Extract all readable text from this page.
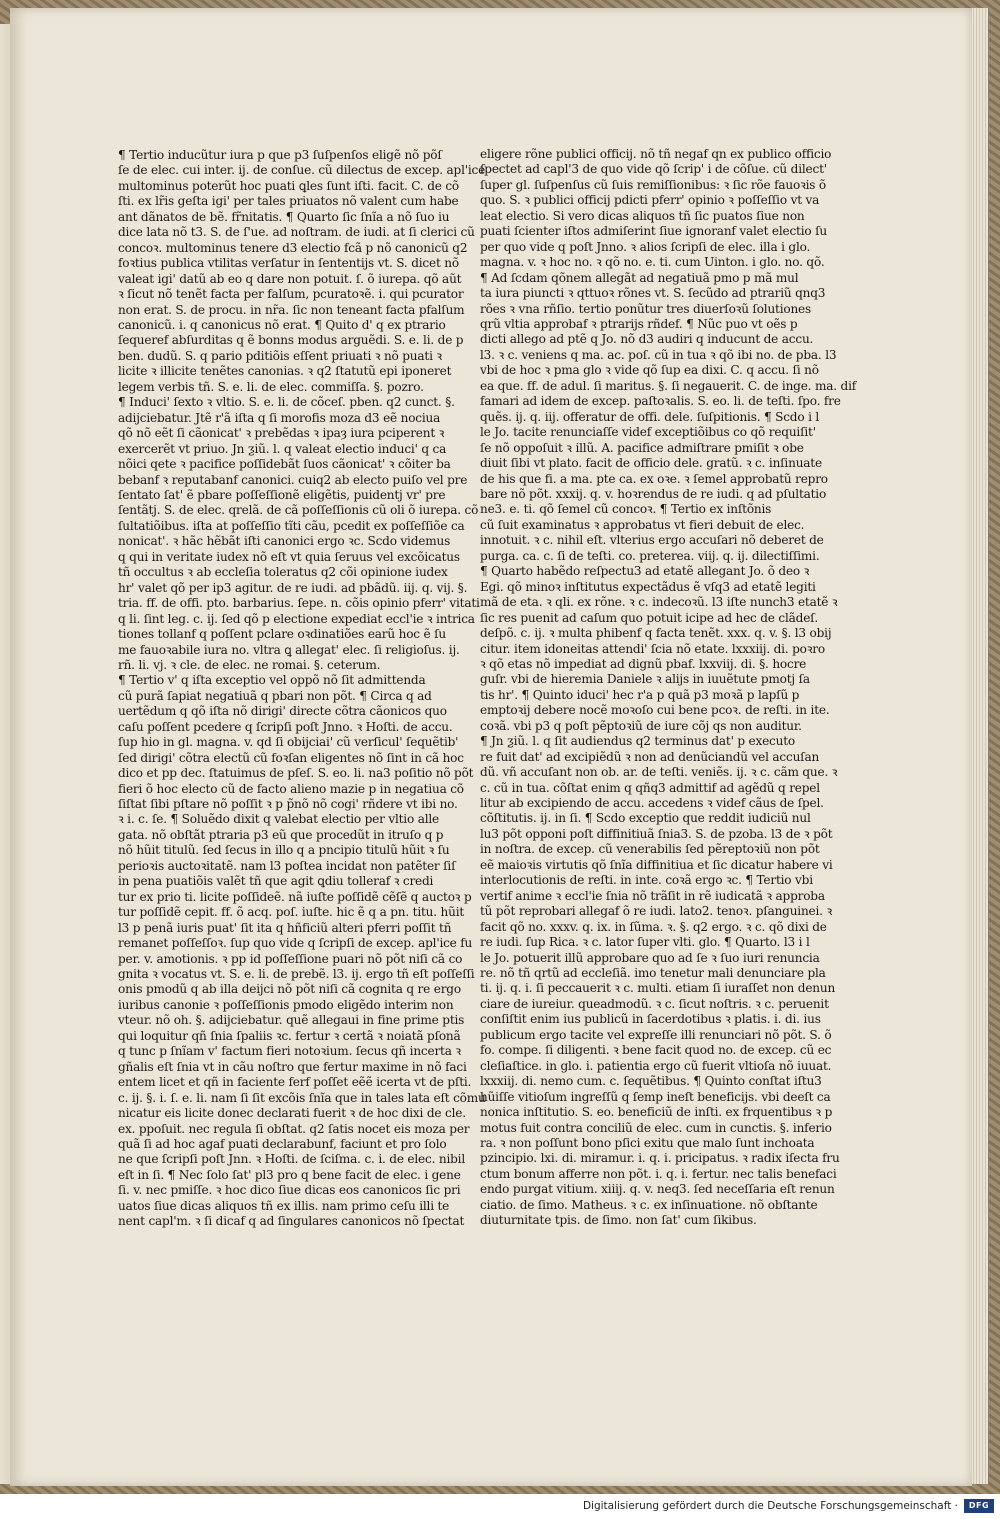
¶ Tertio inducũtur iura p que p3 ſuſpenſos eligẽ nõ põſ
ſe de elec. cui inter. ij. de conſue. cũ dilectus de excep. apl'ice
multominus poterũt hoc puati ꝗles ſunt iſti. facit. C. de cõ
ſti. ex lr̃is geſta igi' per tales priuatos nõ valent cum habe
ant dãnatos de bẽ. fr̃nitatis. ¶ Quarto ſic ſnĩa a nõ ſuo iu
dice lata nõ t3. S. de ſ'ue. ad noſtram. de iudi. at ſi clerici cũ
concoꝛ. multominus tenere d3 electio fcã p nõ canonicũ q2
foꝛtius publica vtilitas verſatur in ſententijs vt. S. dicet nõ
valeat igi' datũ ab eo q dare non potuit. ſ. õ iurepa. qõ aũt
ꝛ ſicut nõ tenẽt facta per falſum, pcuratoꝛẽ. i. qui pcurator
non erat. S. de procu. in nr̃a. ſic non teneant facta pfalſum
canonicũ. i. q canonicus nõ erat. ¶ Quito d' q ex ptrario
ſequeref abſurditas q ẽ bonns modus arguẽdi. S. e. li. de p
ben. dudũ. S. q pario pditiõis eſſent priuati ꝛ nõ puati ꝛ
licite ꝛ illicite tenẽtes canonias. ꝛ q2 ſtatutũ epi iponeret
legem verbis tñ. S. e. li. de elec. commiſſa. §. pozro.
¶ Induci' ſexto ꝛ vltio. S. e. li. de cõceſ. pben. q2 cunct. §.
adijciebatur. Jtẽ r'ã iſta q ſi morofis moza d3 eẽ nociua
qõ nõ eẽt ſi cãonicat' ꝛ prebẽdas ꝛ ipaȝ iura pciperent ꝛ
exercerẽt vt priuo. Jn ƺiũ. l. q valeat electio induci' q ca
nõici qete ꝛ pacifice poſſidebãt ſuos cãonicat' ꝛ cõiter ba
bebanf ꝛ reputabanf canonici. cuiq2 ab electo puiſo vel pre
ſentato ſat' ẽ pbare poſſeſſionẽ eligẽtis, puidentj vr' pre
ſentãtj. S. de elec. qrelã. de cã poſſeſſionis cũ oli õ iurepa. cõ
ſultatiõibus. iſta at poſſeſſio tĩti cãu, pcedit ex poſſeſſiõe ca
nonicat'. ꝛ hãc hẽbãt iſti canonici ergo ꝛc. Scdo videmus
q qui in veritate iudex nõ eſt vt quia ſeruus vel excõicatus
tñ occultus ꝛ ab eccleſia toleratus q2 cõi opinione iudex
hr' valet qõ per ip3 agitur. de re iudi. ad pbãdũ. iij. q. vij. §.
tria. ff. de offi. pto. barbarius. ſepe. n. cõis opinio pferr' vitati
q li. ſint leg. c. ij. ſed qõ p electione expediat eccl'ie ꝛ intrica
tiones tollanf q poſſent pclare oꝛdinatiões earũ hoc ẽ ſu
me fauoꝛabile iura no. vltra ꝗ allegat' elec. ſi religioſus. ij.
rñ. li. vj. ꝛ cle. de elec. ne romai. §. ceterum.
¶ Tertio v' q iſta exceptio vel oppõ nõ ſit admittenda
cũ purã ſapiat negatiuã q pbari non põt. ¶ Circa q ad
uertẽdum q qõ iſta nõ dirigi' directe cõtra cãonicos quo
caſu poſſent pcedere q ſcripſi poſt Jnno. ꝛ Hoſti. de accu.
ſup hio in gl. magna. v. qd ſi obijciai' cũ verſicul' ſequẽtib'
ſed dirigi' cõtra electũ cũ foꝛſan eligentes nõ ſint in cã hoc
dico et pp dec. ſtatuimus de pſeſ. S. eo. li. na3 poſitio nõ põt
fieri õ hoc electo cũ de facto alieno mazie p in negatiua cõ
ſiſtat ſibi pſtare nõ poſſit ꝛ p p̃nõ nõ cogi' rñdere vt ibi no.
ꝛ i. c. ſe. ¶ Soluẽdo dixit q valebat electio per vltio alle
gata. nõ obſtãt ptraria p3 eũ que procedũt in itruſo q p
nõ hũit titulũ. ſed ſecus in illo q a pncipio titulũ hũit ꝛ ſu
perioꝛis auctoꝛitatẽ. nam l3 poſtea incidat non patẽter ſiſ
in pena puatiõis valẽt tñ que agit ꝗdiu tolleraf ꝛ credi
tur ex prio ti. licite poſſideẽ. nã iuſte poſſidẽ cẽſẽ q auctoꝛ p
tur poſſidẽ cepit. ff. õ acq. poſ. iuſte. hic ẽ q a pn. titu. hũit
l3 p penã iuris puat' ſit ita q hñficiũ alteri pferri poſſit tñ
remanet poſſeſſoꝛ. ſup quo vide q ſcripſi de excep. apl'ice fu
per. v. amotionis. ꝛ pp id poſſeſſione puari nõ põt niſi cã co
gnita ꝛ vocatus vt. S. e. li. de prebẽ. l3. ij. ergo tñ eſt poſſeſſi
onis pmodũ q ab illa deijci nõ põt niſi cã cognita q re ergo
iuribus canonie ꝛ poſſeſſionis pmodo eligẽdo interim non
vteur. nõ oh. §. adijciebatur. quẽ allegaui in fine prime ptis
qui loquitur qñ ſnia ſpaliis ꝛc. fertur ꝛ certã ꝛ noiatã pſonã
q tunc p ſnĩam v' factum fieri notoꝛium. ſecus qñ incerta ꝛ
gñalis eſt ſnia vt in cãu noſtro que fertur maxime in nõ faci
entem licet et qñ in faciente ferf poſſet eẽẽ icerta vt de pſti.
c. ij. §. i. ſ. e. li. nam ſi ſit excõis ſnĩa que in tales lata eſt cõmu
nicatur eis licite donec declarati fuerit ꝛ de hoc dixi de cle.
ex. ppoſuit. nec regula ſi obſtat. q2 ſatis nocet eis moza per
quã ſi ad hoc agaf puati declarabunf, faciunt et pro ſolo
ne que ſcripſi poſt Jnn. ꝛ Hoſti. de ſciſma. c. i. de elec. nibil
eſt in ſi. ¶ Nec ſolo ſat' pl3 pro q bene facit de elec. i gene
ſi. v. nec pmiſſe. ꝛ hoc dico ſiue dicas eos canonicos ſic pri
uatos ſiue dicas aliquos tñ ex illis. nam primo ceſu illi te
nent capl'm. ꝛ ſi dicaf q ad ſingulares canonicos nõ ſpectat
eligere rõne publici officij. nõ tñ negaf qn ex publico officio
ſpectet ad capl'3 de quo vide qõ ſcrip' i de cõſue. cũ dilect'
ſuper gl. ſuſpenſus cũ ſuis remiſſionibus: ꝛ ſic rõe fauoꝛis õ
quo. S. ꝛ publici officij pdicti pferr' opinio ꝛ poſſeſſio vt va
leat electio. Si vero dicas aliquos tñ ſic puatos ſiue non
puati ſcienter iſtos admiſerint ſiue ignoranf valet electio ſu
per quo vide q poſt Jnno. ꝛ alios ſcripſi de elec. illa i glo.
magna. v. ꝛ hoc no. ꝛ qõ no. e. ti. cum Uinton. i glo. no. qõ.
¶ Ad ſcdam qõnem allegãt ad negatiuã pmo p mã mul
ta iura piuncti ꝛ qttuoꝛ rõnes vt. S. ſecũdo ad ptrariũ qnq3
rões ꝛ vna rñſio. tertio ponũtur tres diuerſoꝛũ ſolutiones
qrũ vltia approbaf ꝛ ptrarijs rñdef. ¶ Nũc puo vt oẽs p
dicti allego ad ptẽ q Jo. nõ d3 audiri q inducunt de accu.
l3. ꝛ c. veniens q ma. ac. poſ. cũ in tua ꝛ qõ ibi no. de pba. l3
vbi de hoc ꝛ pma glo ꝛ vide qõ ſup ea dixi. C. q accu. ſi nõ
ea que. ff. de adul. ſi maritus. §. ſi negauerit. C. de inge. ma. dif
famari ad idem de excep. paſtoꝛalis. S. eo. li. de teſti. ſpo. fre
quẽs. ij. q. iij. offeratur de offi. dele. ſuſpitionis. ¶ Scdo i l
le Jo. tacite renunciaſſe videf exceptiõibus co qõ requiſit'
ſe nõ oppoſuit ꝛ illũ. A. pacifice admiſtrare pmiſit ꝛ obe
diuit ſibi vt plato. facit de officio dele. gratũ. ꝛ c. inſinuate
de his que fi. a ma. pte ca. ex oꝛe. ꝛ ſemel approbatũ repro
bare nõ põt. xxxij. q. v. hoꝛrendus de re iudi. q ad pſultatio
ne3. e. ti. qõ ſemel cũ concoꝛ. ¶ Tertio ex inſtõnis
cũ ſuit examinatus ꝛ approbatus vt fieri debuit de elec.
innotuit. ꝛ c. nihil eſt. vlterius ergo accuſari nõ deberet de
purga. ca. c. ſi de teſti. co. preterea. viij. q. ij. dilectiſſimi.
¶ Quarto habẽdo reſpectu3 ad etatẽ allegant Jo. õ deo ꝛ
Egi. qõ minoꝛ inſtitutus expectãdus ẽ vſq3 ad etatẽ legiti
mã de eta. ꝛ qli. ex rõne. ꝛ c. indecoꝛũ. l3 iſte nunch3 etatẽ ꝛ
ſic res puenit ad caſum quo potuit icipe ad hec de clãdeſ.
deſpõ. c. ij. ꝛ multa phibenf q facta tenẽt. xxx. q. v. §. l3 obij
citur. item idoneitas attendi' ſcia nõ etate. lxxxiij. di. poꝛro
ꝛ qõ etas nõ impediat ad dignũ pbaf. lxxviij. di. §. hocre
guſr. vbi de hieremia Daniele ꝛ alijs in iuuẽtute pmotj ſa
tis hr'. ¶ Quinto iduci' hec r'a p quã p3 moꝛã p lapſũ p
emptoꝛij debere nocẽ moꝛoſo cui bene pcoꝛ. de reſti. in ite.
coꝛã. vbi p3 q poſt pẽptoꝛiũ de iure cõj qs non auditur.
¶ Jn ƺiũ. l. q ſit audiendus q2 terminus dat' p executo
re fuit dat' ad excipiẽdũ ꝛ non ad denũciandũ vel accuſan
dũ. vñ accuſant non ob. ar. de teſti. veniẽs. ij. ꝛ c. cãm que. ꝛ
c. cũ in tua. cõſtat enim q qñq3 admittif ad agẽdũ q repel
litur ab excipiendo de accu. accedens ꝛ videf cãus de ſpel.
cõſtitutis. ij. in ſi. ¶ Scdo exceptio que reddit iudiciũ nul
lu3 põt opponi poſt diffinitiuã ſnia3. S. de pzoba. l3 de ꝛ põt
in noſtra. de excep. cũ venerabilis ſed pẽreptoꝛiũ non põt
eẽ maioꝛis virtutis qõ ſnĩa diffinitiua et ſic dicatur habere vi
interlocutionis de reſti. in inte. coꝛã ergo ꝛc. ¶ Tertio vbi
vertif anime ꝛ eccl'ie ſnia nõ trãſit in rẽ iudicatã ꝛ approba
tũ põt reprobari allegaf õ re iudi. lato2. tenoꝛ. pſanguinei. ꝛ
facit qõ no. xxxv. q. ix. in ſũma. ꝛ. §. q2 ergo. ꝛ c. qõ dixi de
re iudi. ſup Rica. ꝛ c. lator ſuper vlti. glo. ¶ Quarto. l3 i l
le Jo. potuerit illũ approbare quo ad ſe ꝛ ſuo iuri renuncia
re. nõ tñ qrtũ ad eccleſiã. imo tenetur mali denunciare pla
ti. ij. q. i. ſi peccauerit ꝛ c. multi. etiam ſi iuraſſet non denun
ciare de iureiur. queadmodũ. ꝛ c. ſicut noſtris. ꝛ c. peruenit
conſiſtit enim ius publicũ in ſacerdotibus ꝛ platis. i. di. ius
publicum ergo tacite vel expreſſe illi renunciari nõ põt. S. õ
fo. compe. ſi diligenti. ꝛ bene facit quod no. de excep. cũ ec
cleſiaſtice. in glo. i. patientia ergo cũ fuerit vltioſa nõ iuuat.
lxxxiij. di. nemo cum. c. ſequẽtibus. ¶ Quinto conſtat iſtu3
hũiſſe vitioſum ingreſſũ q ſemp ineſt beneficijs. vbi deeſt ca
nonica inſtitutio. S. eo. beneficiũ de inſti. ex frquentibus ꝛ p
motus fuit contra conciliũ de elec. cum in cunctis. §. inferio
ra. ꝛ non poſſunt bono pſici exitu que malo ſunt inchoata
pzincipio. lxi. di. miramur. i. q. i. pricipatus. ꝛ radix iſecta fru
ctum bonum afferre non põt. i. q. i. fertur. nec talis benefaci
endo purgat vitium. xiiij. q. v. neq3. ſed neceſſaria eſt renun
ciatio. de ſimo. Matheus. ꝛ c. ex inſinuatione. nõ obſtante
diuturnitate tpis. de ſimo. non ſat' cum ſikibus.
Digitalisierung gefördert durch die Deutsche Forschungsgemeinschaft ·	DFG
